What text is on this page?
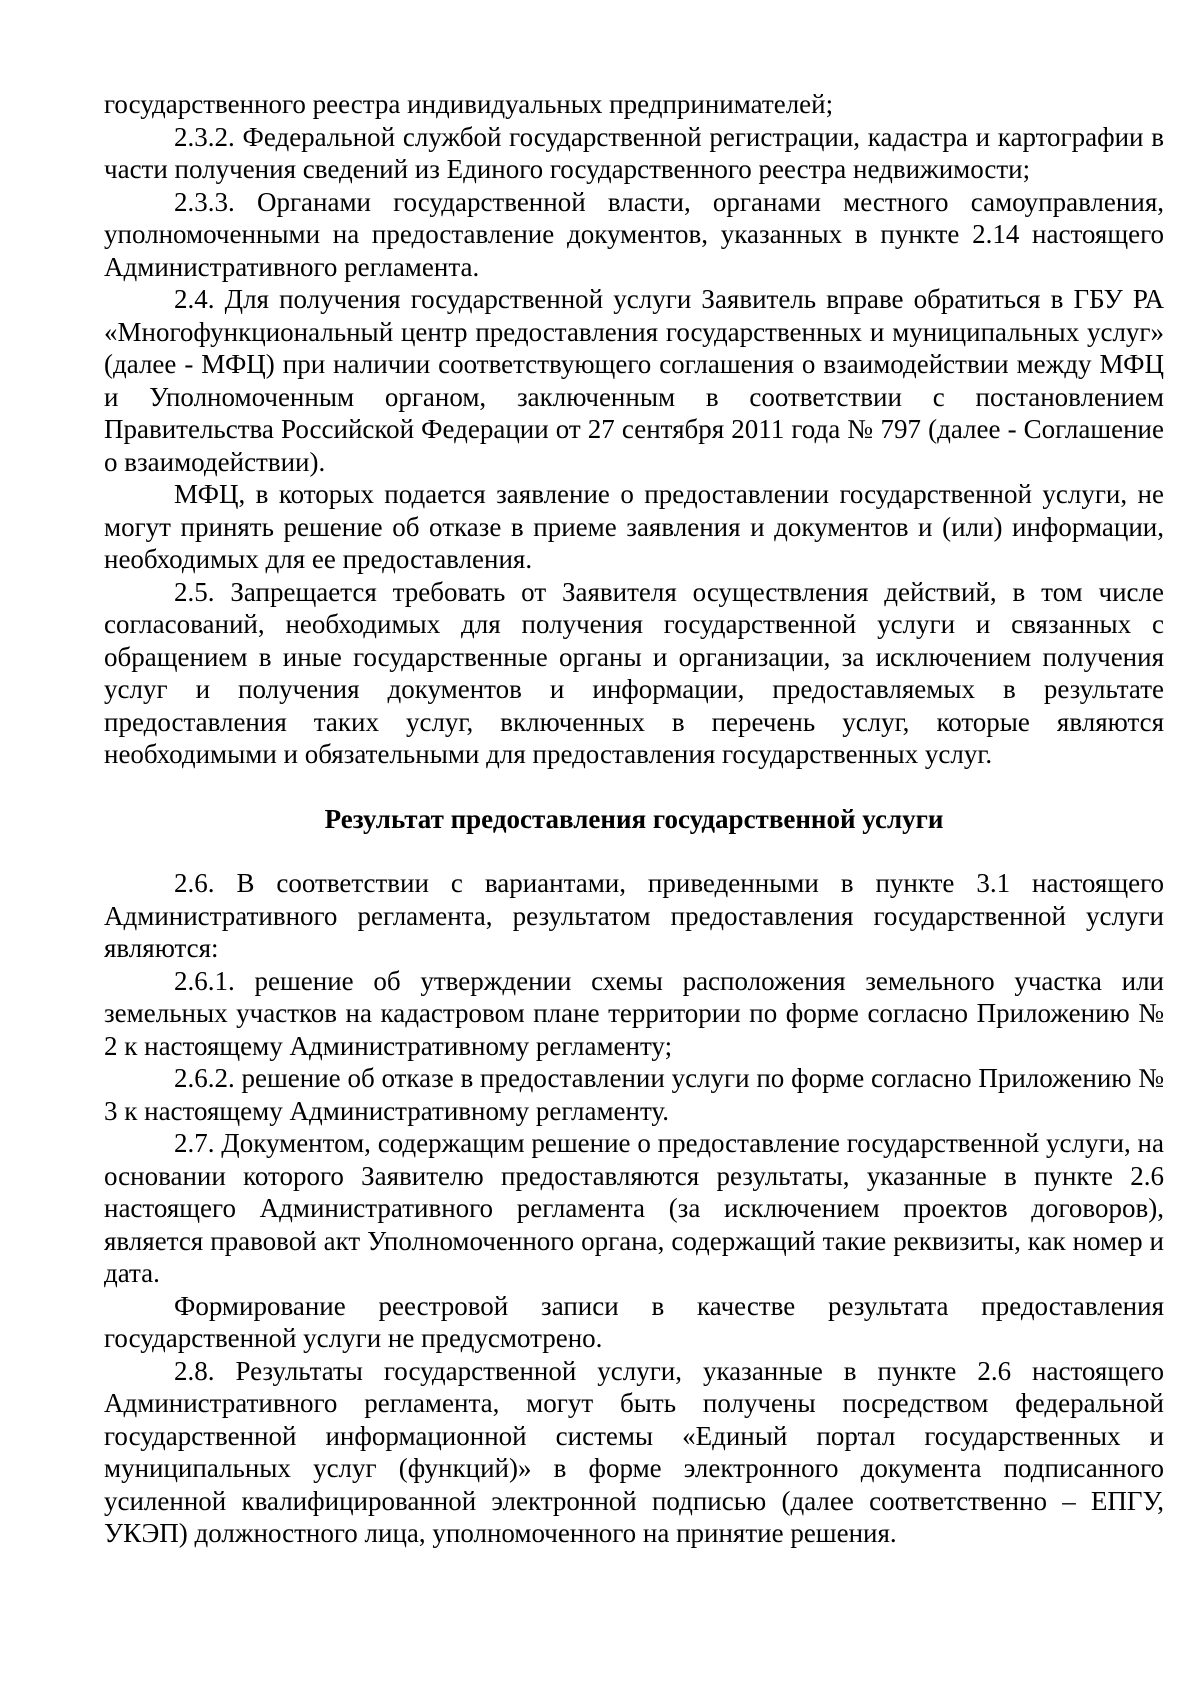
государственного реестра индивидуальных предпринимателей;

2.3.2. Федеральной службой государственной регистрации, кадастра и картографии в части получения сведений из Единого государственного реестра недвижимости;

2.3.3. Органами государственной власти, органами местного самоуправления, уполномоченными на предоставление документов, указанных в пункте 2.14 настоящего Административного регламента.

2.4. Для получения государственной услуги Заявитель вправе обратиться в ГБУ РА «Многофункциональный центр предоставления государственных и муниципальных услуг» (далее - МФЦ) при наличии соответствующего соглашения о взаимодействии между МФЦ и Уполномоченным органом, заключенным в соответствии с постановлением Правительства Российской Федерации от 27 сентября 2011 года № 797 (далее - Соглашение о взаимодействии).

МФЦ, в которых подается заявление о предоставлении государственной услуги, не могут принять решение об отказе в приеме заявления и документов и (или) информации, необходимых для ее предоставления.

2.5. Запрещается требовать от Заявителя осуществления действий, в том числе согласований, необходимых для получения государственной услуги и связанных с обращением в иные государственные органы и организации, за исключением получения услуг и получения документов и информации, предоставляемых в результате предоставления таких услуг, включенных в перечень услуг, которые являются необходимыми и обязательными для предоставления государственных услуг.

Результат предоставления государственной услуги

2.6. В соответствии с вариантами, приведенными в пункте 3.1 настоящего Административного регламента, результатом предоставления государственной услуги являются:

2.6.1. решение об утверждении схемы расположения земельного участка или земельных участков на кадастровом плане территории по форме согласно Приложению № 2 к настоящему Административному регламенту;

2.6.2. решение об отказе в предоставлении услуги по форме согласно Приложению № 3 к настоящему Административному регламенту.

2.7. Документом, содержащим решение о предоставление государственной услуги, на основании которого Заявителю предоставляются результаты, указанные в пункте 2.6 настоящего Административного регламента (за исключением проектов договоров), является правовой акт Уполномоченного органа, содержащий такие реквизиты, как номер и дата.

Формирование реестровой записи в качестве результата предоставления государственной услуги не предусмотрено.

2.8. Результаты государственной услуги, указанные в пункте 2.6 настоящего Административного регламента, могут быть получены посредством федеральной государственной информационной системы «Единый портал государственных и муниципальных услуг (функций)» в форме электронного документа подписанного усиленной квалифицированной электронной подписью (далее соответственно – ЕПГУ, УКЭП) должностного лица, уполномоченного на принятие решения.
